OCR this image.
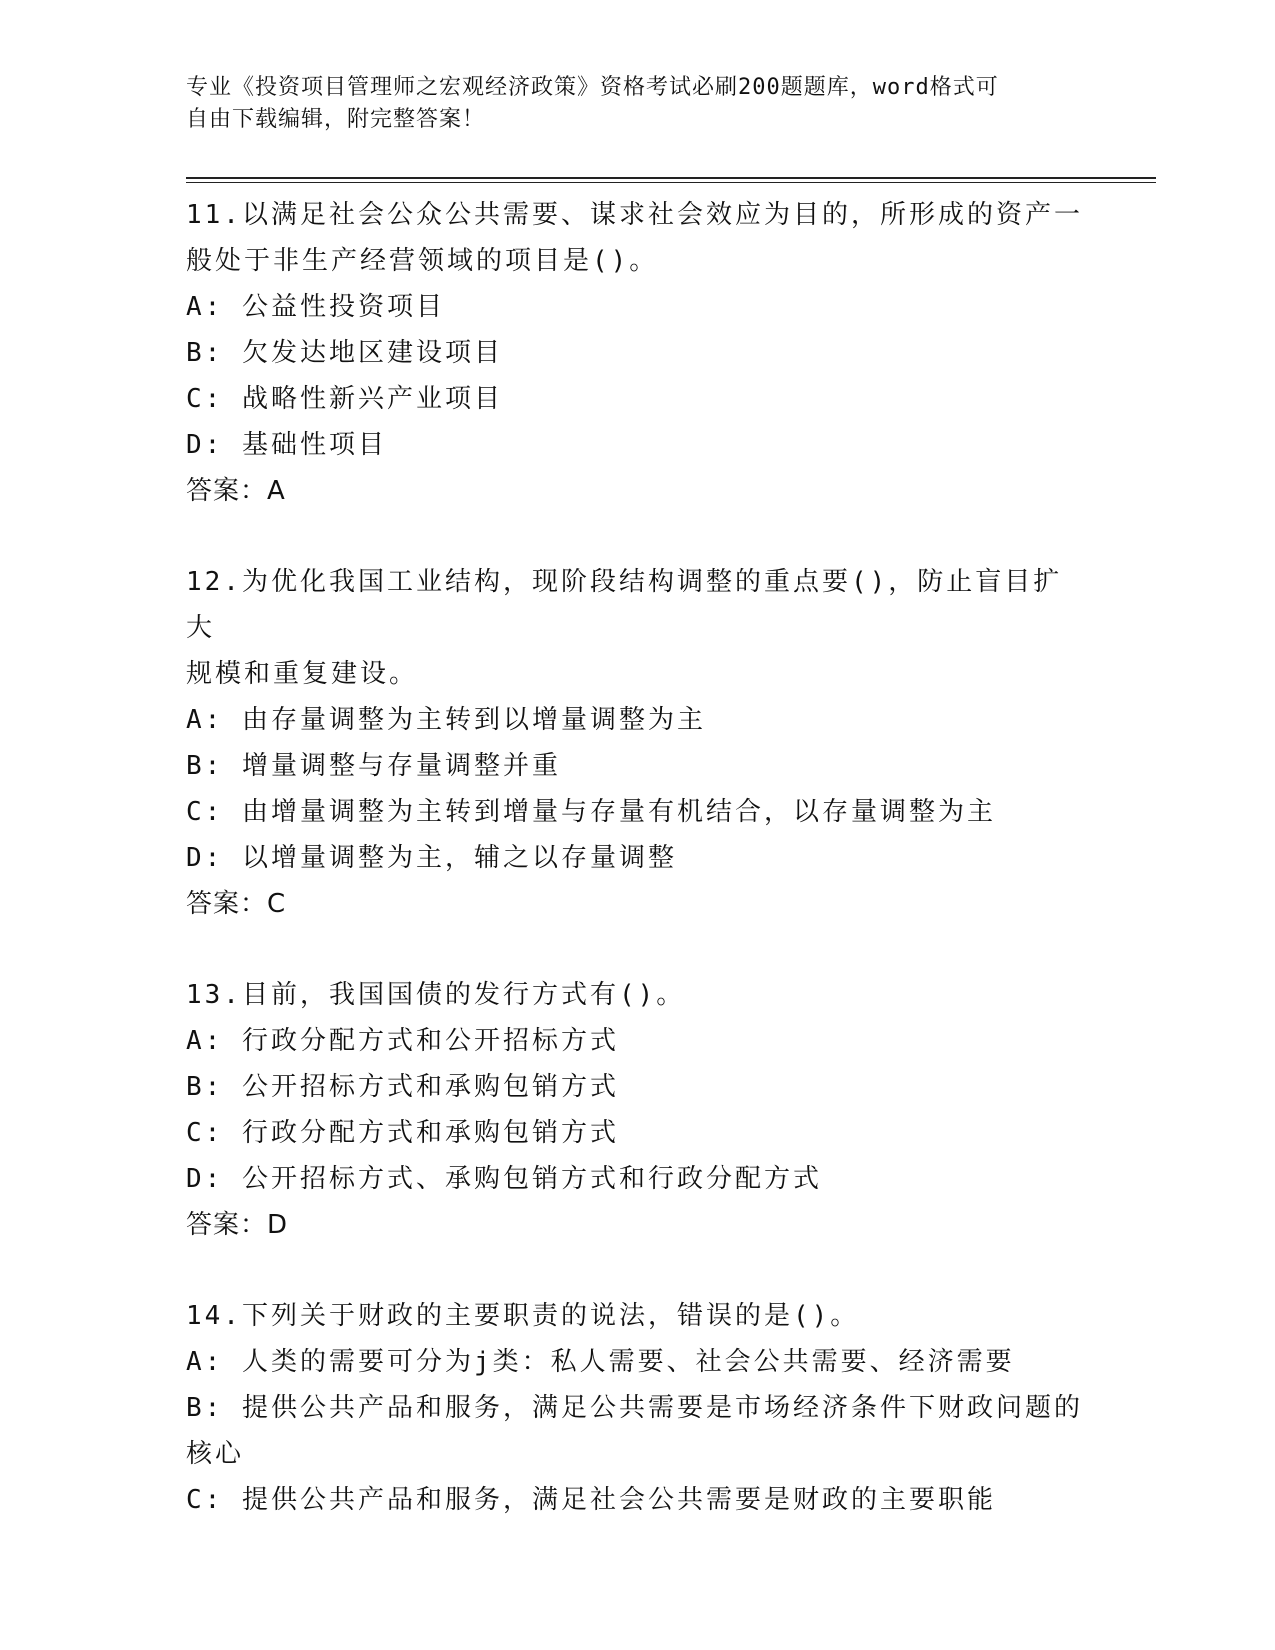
专业《投资项目管理师之宏观经济政策》资格考试必刷200题题库，word格式可
自由下载编辑，附完整答案！
11.以满足社会公众公共需要、谋求社会效应为目的，所形成的资产一
般处于非生产经营领域的项目是()。
A: 公益性投资项目
B: 欠发达地区建设项目
C: 战略性新兴产业项目
D: 基础性项目
答案：A
12.为优化我国工业结构，现阶段结构调整的重点要()，防止盲目扩大
规模和重复建设。
A: 由存量调整为主转到以增量调整为主
B: 增量调整与存量调整并重
C: 由增量调整为主转到增量与存量有机结合，以存量调整为主
D: 以增量调整为主，辅之以存量调整
答案：C
13.目前，我国国债的发行方式有()。
A: 行政分配方式和公开招标方式
B: 公开招标方式和承购包销方式
C: 行政分配方式和承购包销方式
D: 公开招标方式、承购包销方式和行政分配方式
答案：D
14.下列关于财政的主要职责的说法，错误的是()。
A: 人类的需要可分为j类：私人需要、社会公共需要、经济需要
B: 提供公共产品和服务，满足公共需要是市场经济条件下财政问题的
核心
C: 提供公共产品和服务，满足社会公共需要是财政的主要职能
